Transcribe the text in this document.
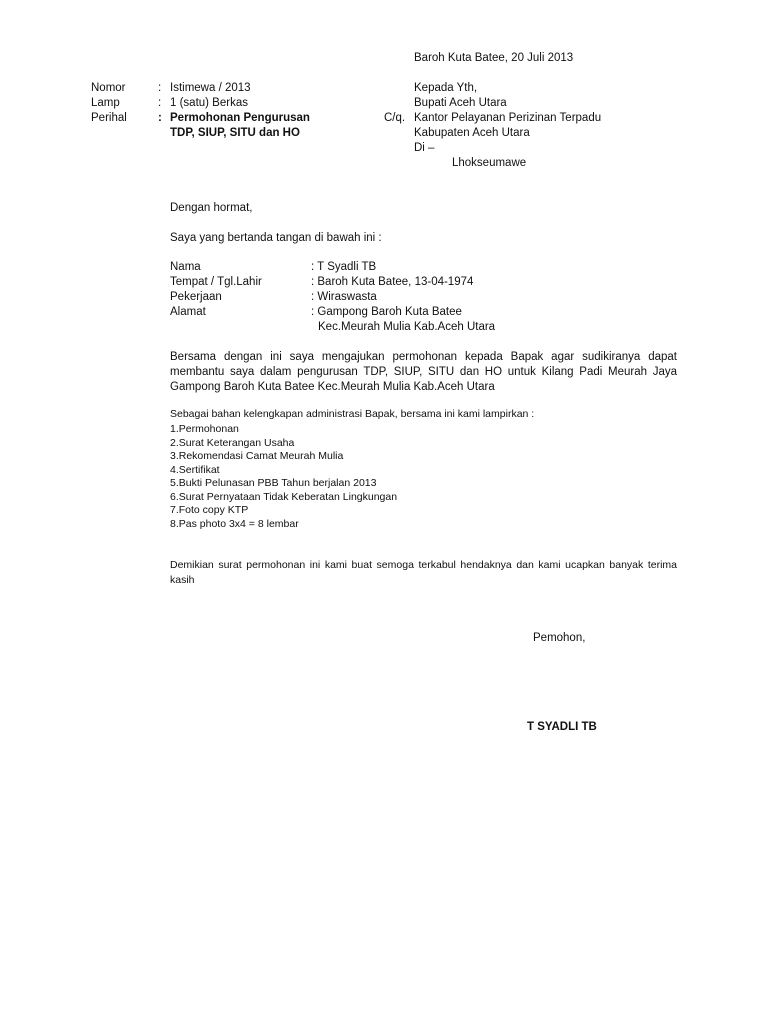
Baroh Kuta Batee, 20 Juli 2013
Nomor	: Istimewa / 2013
Lamp	: 1 (satu) Berkas
Perihal	: Permohonan Pengurusan
TDP, SIUP, SITU dan HO
Kepada Yth,
Bupati Aceh Utara
C/q. Kantor Pelayanan Perizinan Terpadu
Kabupaten Aceh Utara
Di –
Lhokseumawe
Dengan hormat,
Saya yang bertanda tangan di bawah ini :
Nama	: T Syadli TB
Tempat / Tgl.Lahir	: Baroh Kuta Batee, 13-04-1974
Pekerjaan	: Wiraswasta
Alamat	: Gampong Baroh Kuta Batee
Kec.Meurah Mulia Kab.Aceh Utara
Bersama dengan ini saya mengajukan permohonan kepada Bapak agar sudikiranya dapat membantu saya dalam pengurusan TDP, SIUP, SITU dan HO untuk Kilang Padi Meurah Jaya Gampong Baroh Kuta Batee Kec.Meurah Mulia Kab.Aceh Utara
Sebagai bahan kelengkapan administrasi Bapak, bersama ini kami lampirkan :
1.Permohonan
2.Surat Keterangan Usaha
3.Rekomendasi Camat Meurah Mulia
4.Sertifikat
5.Bukti Pelunasan PBB Tahun berjalan 2013
6.Surat Pernyataan Tidak Keberatan Lingkungan
7.Foto copy KTP
8.Pas photo 3x4 = 8 lembar
Demikian surat permohonan ini kami buat semoga terkabul hendaknya dan kami ucapkan banyak terima kasih
Pemohon,
T SYADLI TB
